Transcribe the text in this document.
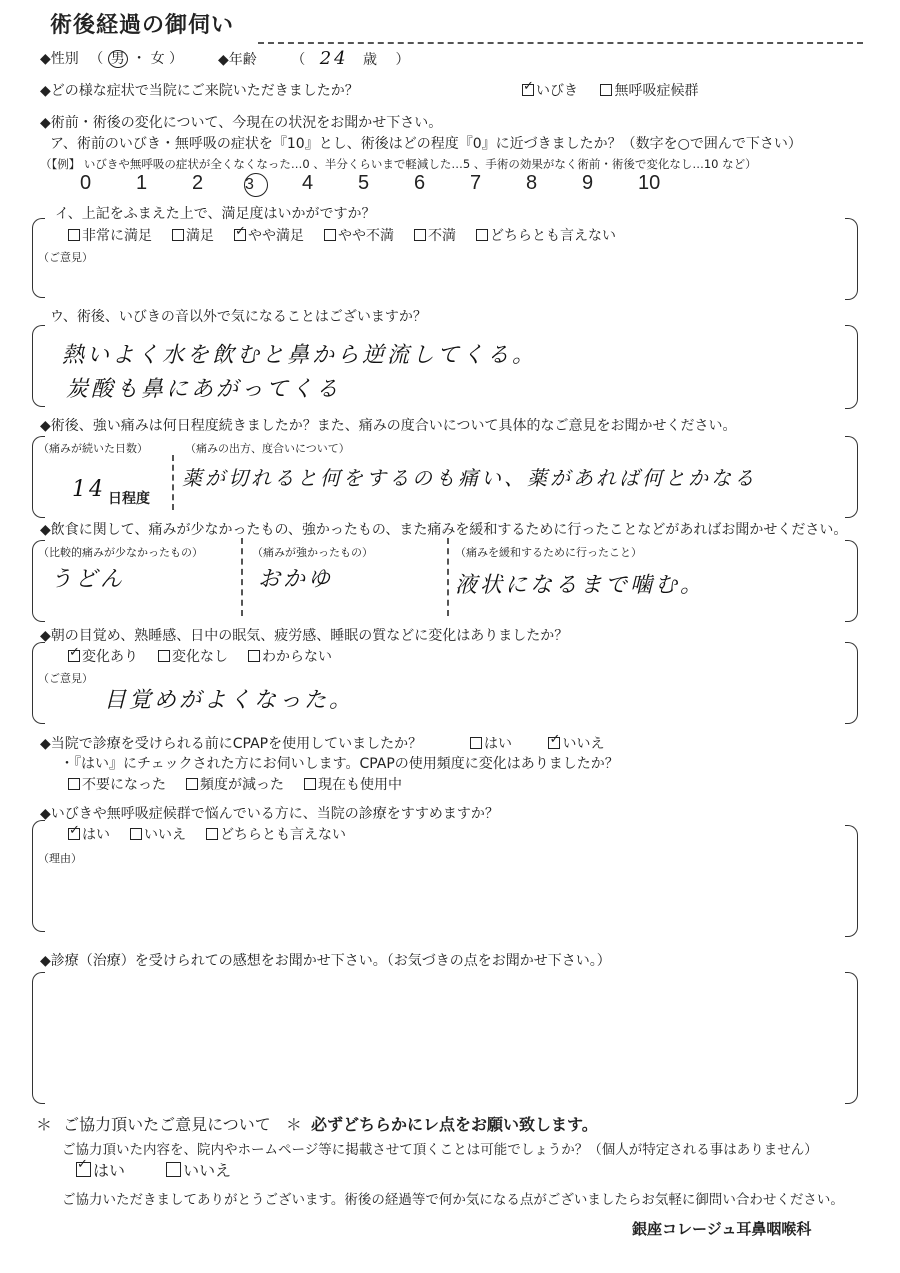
術後経過の御伺い
◆性別 （ 男 ・ 女 ） ◆年齢 （ 24 歳 ）
◆どの様な症状で当院にご来院いただきましたか？ ✓	いびき	無呼吸症候群
◆術前・術後の変化について、今現在の状況をお聞かせ下さい。
ア、術前のいびき・無呼吸の症状を『10』とし、術後はどの程度『0』に近づきましたか？（数字を○で囲んで下さい）
（【例】 いびきや無呼吸の症状が全くなくなった…0 、半分くらいまで軽減した…5 、手術の効果がなく術前・術後で変化なし…10 など）
0 1 2	3 4 5 6 7 8 9 10
イ、上記をふまえた上で、満足度はいかがですか？
非常に満足 満足 ✓ やや満足 やや不満 不満 どちらとも言えない
（ご意見）
ウ、術後、いびきの音以外で気になることはございますか？
熱いよく水を飲むと鼻から逆流してくる。
炭酸も鼻にあがってくる
◆術後、強い痛みは何日程度続きましたか？また、痛みの度合いについて具体的なご意見をお聞かせください。
（痛みが続いた日数）	（痛みの出方、度合いについて）
14 日程度
薬が切れると何をするのも痛い、薬があれば何とかなる
◆飲食に関して、痛みが少なかったもの、強かったもの、また痛みを緩和するために行ったことなどがあればお聞かせください。
（比較的痛みが少なかったもの）	（痛みが強かったもの）	（痛みを緩和するために行ったこと）
うどん	おかゆ	液状になるまで噛む。
◆朝の目覚め、熟睡感、日中の眠気、疲労感、睡眠の質などに変化はありましたか？
✓変化あり 変化なし わからない
（ご意見）
目覚めがよくなった。
◆当院で診療を受けられる前にCPAPを使用していましたか？	はい ✓	いいえ
・『はい』にチェックされた方にお伺いします。CPAPの使用頻度に変化はありましたか？
不要になった 頻度が減った 現在も使用中
◆いびきや無呼吸症候群で悩んでいる方に、当院の診療をすすめますか？
✓はい いいえ どちらとも言えない
（理由）
◆診療（治療）を受けられての感想をお聞かせ下さい。（お気づきの点をお聞かせ下さい。）
＊ ご協力頂いたご意見について ＊ 必ずどちらかにレ点をお願い致します。
ご協力頂いた内容を、院内やホームページ等に掲載させて頂くことは可能でしょうか？（個人が特定される事はありません）
✓はい	いいえ
ご協力いただきましてありがとうございます。術後の経過等で何か気になる点がございましたらお気軽に御問い合わせください。
銀座コレージュ耳鼻咽喉科
